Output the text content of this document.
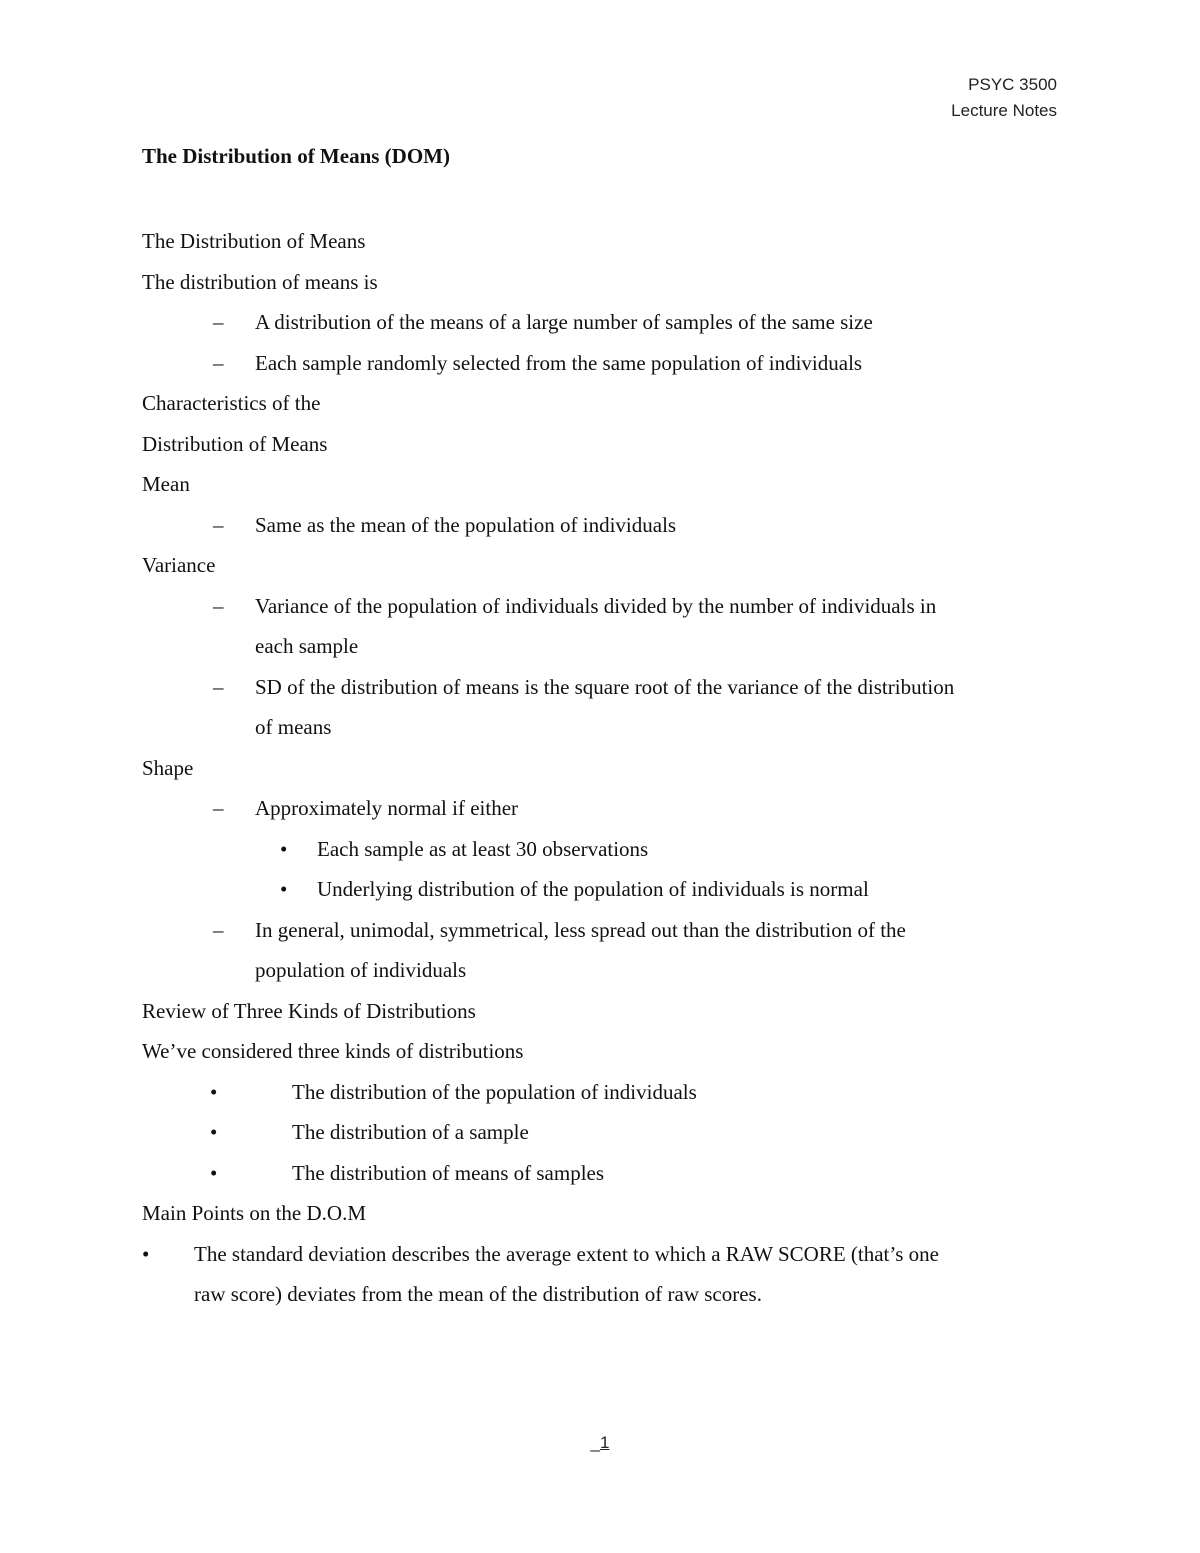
PSYC 3500
Lecture Notes
The Distribution of Means (DOM)
The Distribution of Means
The distribution of means is
– A distribution of the means of a large number of samples of the same size
– Each sample randomly selected from the same population of individuals
Characteristics of the
Distribution of Means
Mean
– Same as the mean of the population of individuals
Variance
– Variance of the population of individuals divided by the number of individuals in
each sample
– SD of the distribution of means is the square root of the variance of the distribution
of means
Shape
– Approximately normal if either
• Each sample as at least 30 observations
• Underlying distribution of the population of individuals is normal
– In general, unimodal, symmetrical, less spread out than the distribution of the
population of individuals
Review of Three Kinds of Distributions
We’ve considered three kinds of distributions
•	The distribution of the population of individuals
•	The distribution of a sample
•	The distribution of means of samples
Main Points on the D.O.M
• The standard deviation describes the average extent to which a RAW SCORE (that’s one
raw score) deviates from the mean of the distribution of raw scores.
_1
